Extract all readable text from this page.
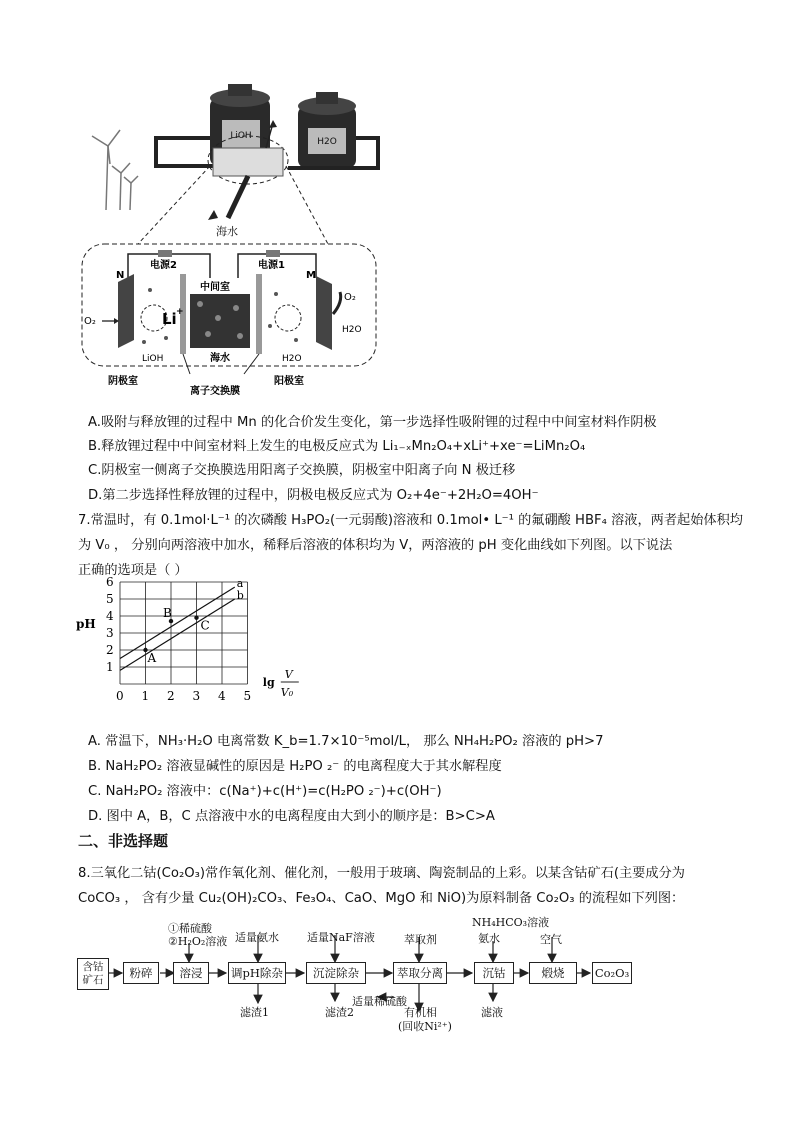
LiOH
H2O
海水
电源2	电源1
N	M
中间室
Li +
O₂
O₂
H2O
LiOH	海水	H2O
阴极室	阳极室
离子交换膜
A.吸附与释放锂的过程中 Mn 的化合价发生变化，第一步选择性吸附锂的过程中中间室材料作阴极
B.释放锂过程中中间室材料上发生的电极反应式为 Li₁₋ₓMn₂O₄+xLi⁺+xe⁻=LiMn₂O₄
C.阴极室一侧离子交换膜选用阳离子交换膜，阴极室中阳离子向 N 极迁移
D.第二步选择性释放锂的过程中，阴极电极反应式为 O₂+4e⁻+2H₂O=4OH⁻
7.常温时，有 0.1mol·L⁻¹ 的次磷酸 H₃PO₂(一元弱酸)溶液和 0.1mol• L⁻¹ 的氟硼酸 HBF₄ 溶液，两者起始体积均
为 V₀ ， 分别向两溶液中加水，稀释后溶液的体积均为 V，两溶液的 pH 变化曲线如下列图。以下说法
正确的选项是（ ）
0 1 2 3 4 5
1
2
3
4
5
6
pH
lg
V
V₀
a
b
A
B
C
A. 常温下，NH₃·H₂O 电离常数 K_b=1.7×10⁻⁵mol/L， 那么 NH₄H₂PO₂ 溶液的 pH>7
B. NaH₂PO₂ 溶液显碱性的原因是 H₂PO ₂⁻ 的电离程度大于其水解程度
C. NaH₂PO₂ 溶液中：c(Na⁺)+c(H⁺)=c(H₂PO ₂⁻)+c(OH⁻)
D. 图中 A，B，C 点溶液中水的电离程度由大到小的顺序是：B>C>A
二、非选择题
8.三氧化二钴(Co₂O₃)常作氧化剂、催化剂，一般用于玻璃、陶瓷制品的上彩。以某含钴矿石(主要成分为
CoCO₃ ， 含有少量 Cu₂(OH)₂CO₃、Fe₃O₄、CaO、MgO 和 NiO)为原料制备 Co₂O₃ 的流程如下列图：
含钴矿石
粉碎	溶浸	调pH除杂	沉淀除杂	萃取分离	沉钴	煅烧	Co₂O₃
①稀硫酸
②H₂O₂溶液 适量氨水	适量NaF溶液	萃取剂
NH₄HCO₃溶液
氨水	空气
滤渣1	滤渣2
适量稀硫酸
有机相
(回收Ni²⁺)
滤液
